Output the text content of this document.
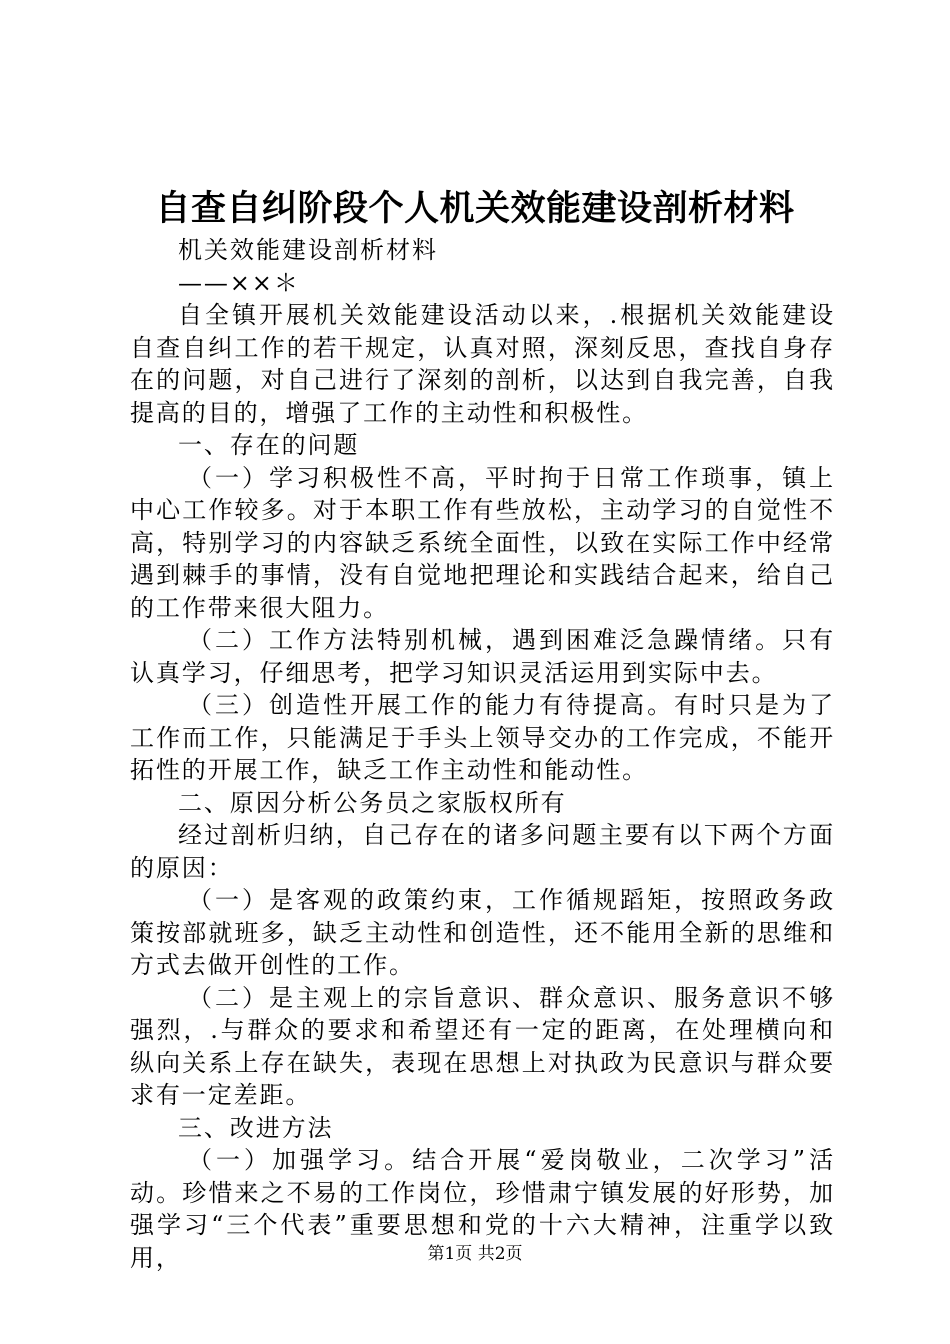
自查自纠阶段个人机关效能建设剖析材料

机关效能建设剖析材料

——××＊

自全镇开展机关效能建设活动以来，.根据机关效能建设自查自纠工作的若干规定，认真对照，深刻反思，查找自身存在的问题，对自己进行了深刻的剖析，以达到自我完善，自我提高的目的，增强了工作的主动性和积极性。

一、存在的问题

（一）学习积极性不高，平时拘于日常工作琐事，镇上中心工作较多。对于本职工作有些放松，主动学习的自觉性不高，特别学习的内容缺乏系统全面性，以致在实际工作中经常遇到棘手的事情，没有自觉地把理论和实践结合起来，给自己的工作带来很大阻力。

（二）工作方法特别机械，遇到困难泛急躁情绪。只有认真学习，仔细思考，把学习知识灵活运用到实际中去。

（三）创造性开展工作的能力有待提高。有时只是为了工作而工作，只能满足于手头上领导交办的工作完成，不能开拓性的开展工作，缺乏工作主动性和能动性。

二、原因分析公务员之家版权所有

经过剖析归纳，自己存在的诸多问题主要有以下两个方面的原因：

（一）是客观的政策约束，工作循规蹈矩，按照政务政策按部就班多，缺乏主动性和创造性，还不能用全新的思维和方式去做开创性的工作。

（二）是主观上的宗旨意识、群众意识、服务意识不够强烈，.与群众的要求和希望还有一定的距离，在处理横向和纵向关系上存在缺失，表现在思想上对执政为民意识与群众要求有一定差距。

三、改进方法

（一）加强学习。结合开展“爱岗敬业，二次学习”活动。珍惜来之不易的工作岗位，珍惜肃宁镇发展的好形势，加强学习“三个代表”重要思想和党的十六大精神，注重学以致用，	第1页 共2页
